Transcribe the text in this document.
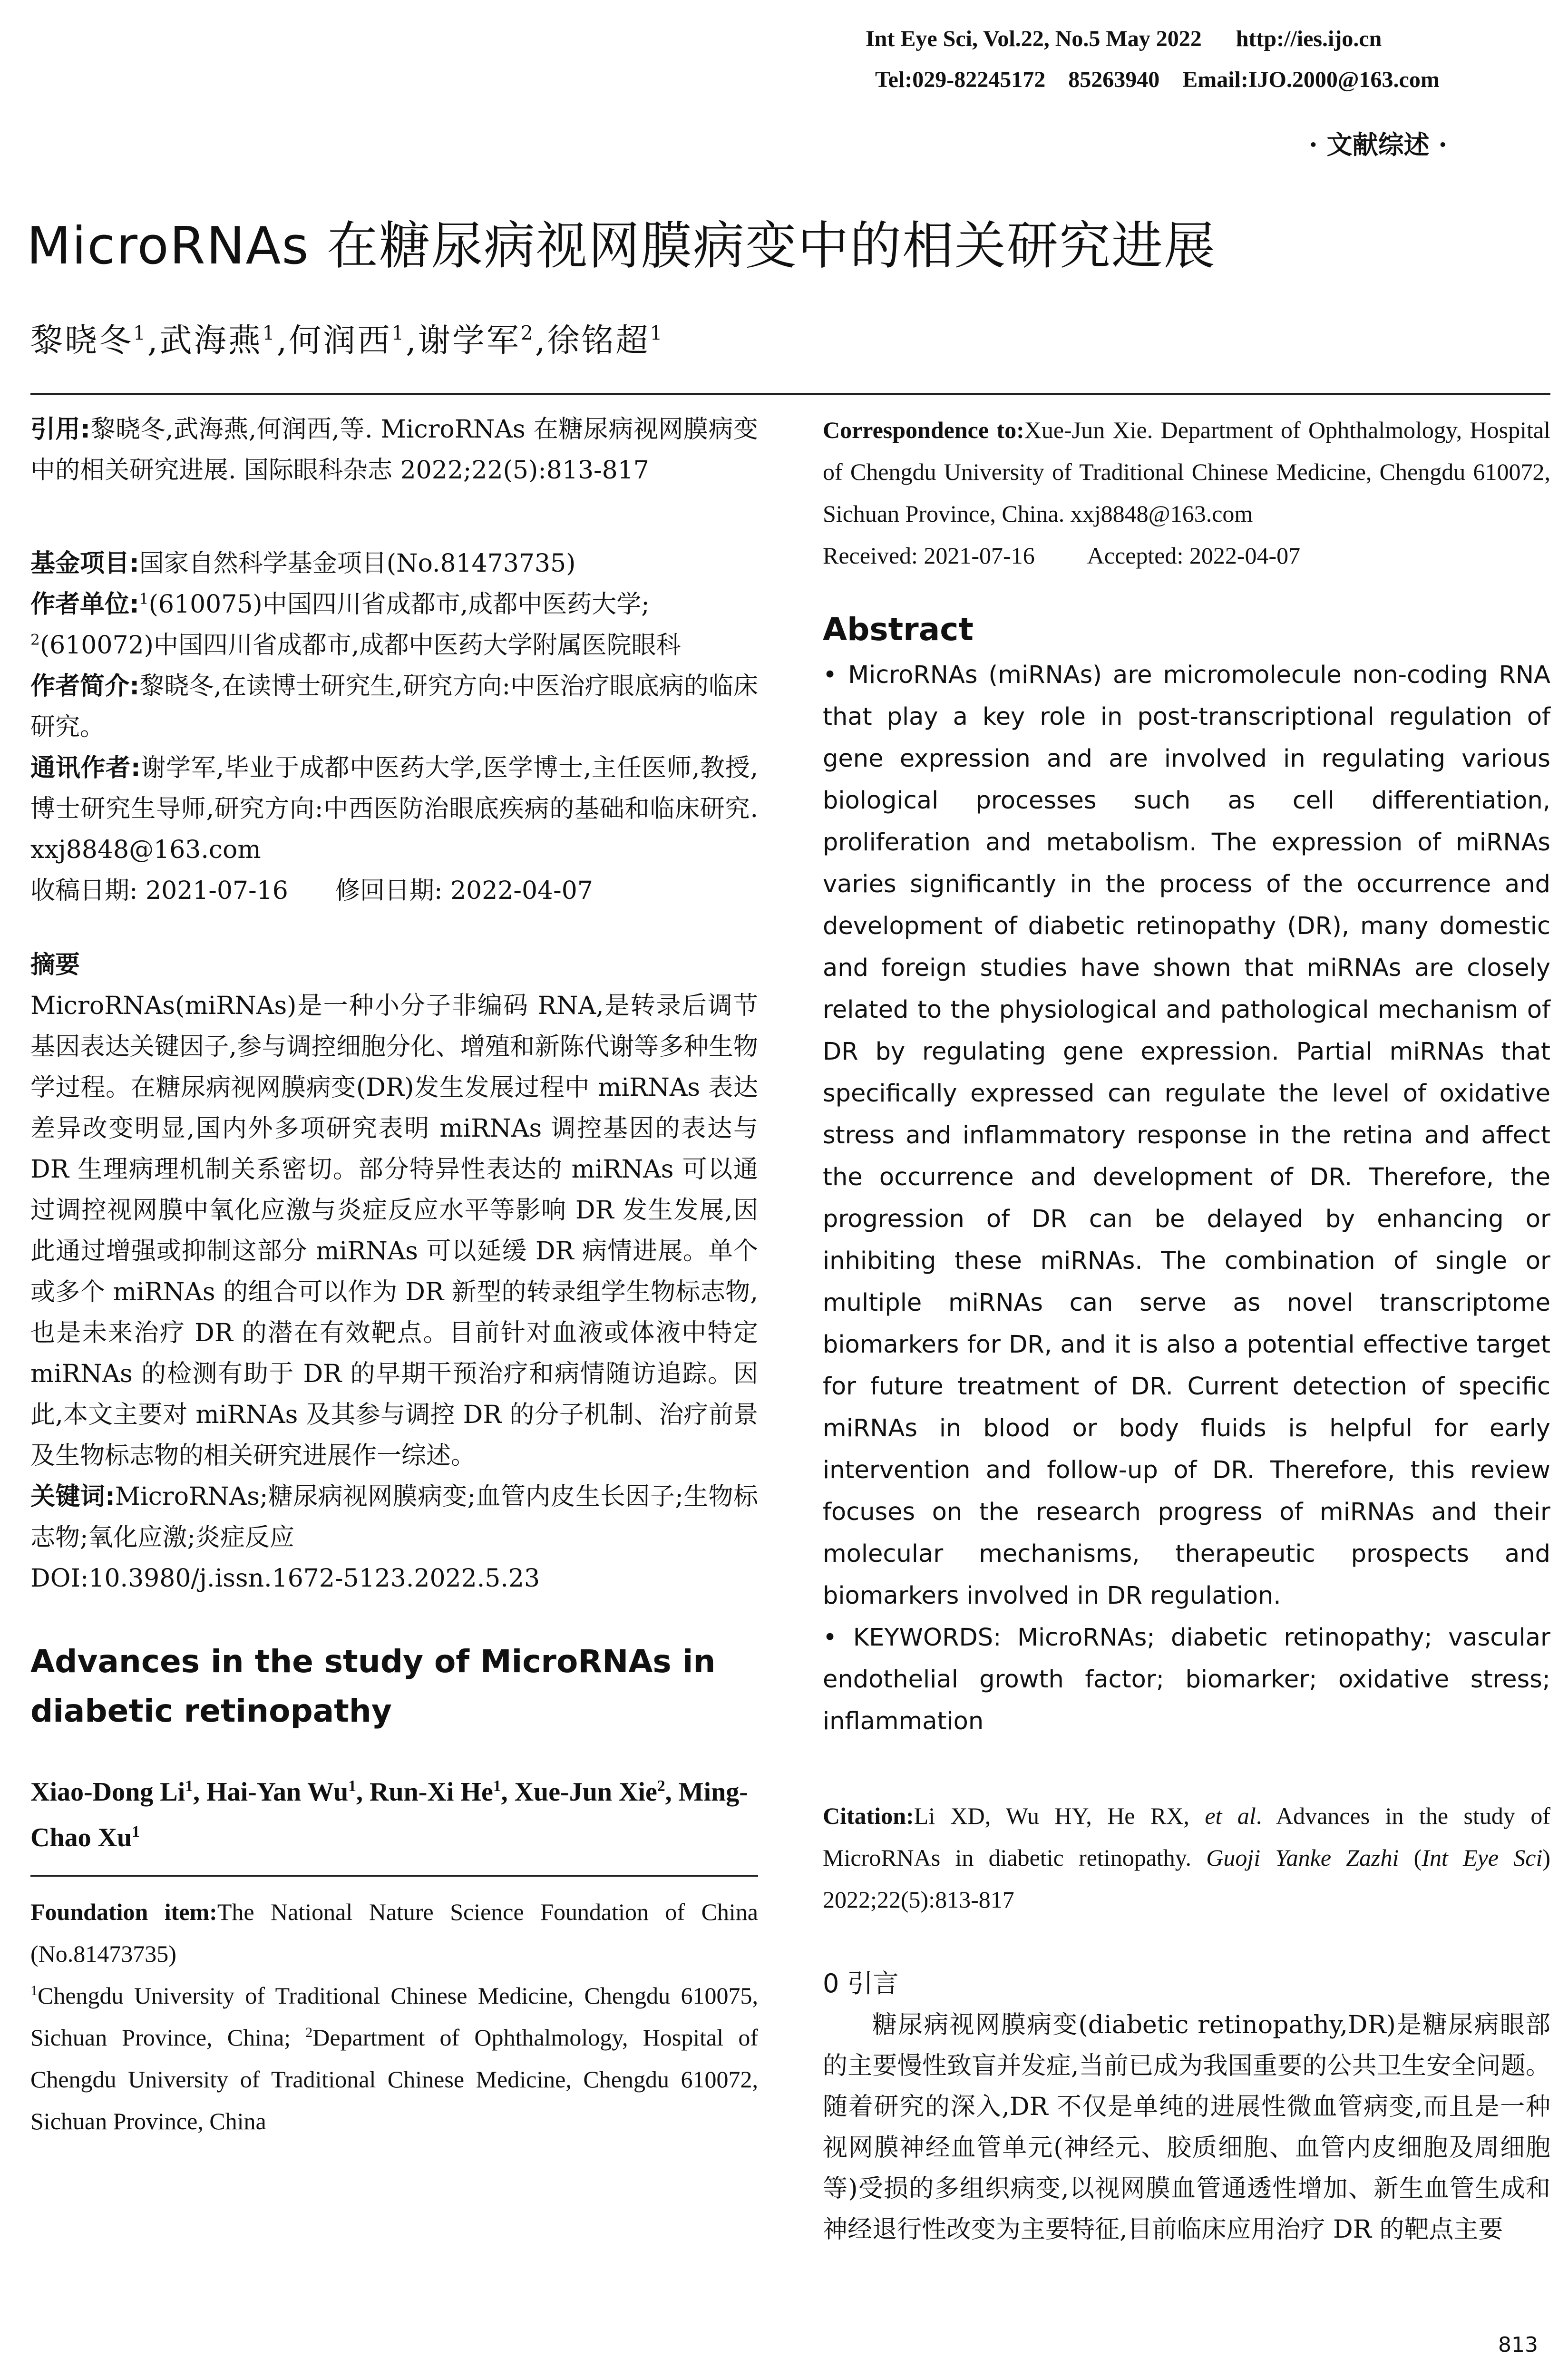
Int Eye Sci, Vol.22, No.5 May 2022      http://ies.ijo.cn
Tel:029-82245172    85263940    Email:IJO.2000@163.com
· 文献综述 ·
MicroRNAs 在糖尿病视网膜病变中的相关研究进展
黎晓冬$^1$,武海燕$^1$,何润西$^1$,谢学军$^2$,徐铭超$^1$

引用:黎晓冬,武海燕,何润西,等. MicroRNAs 在糖尿病视网膜病变中的相关研究进展. 国际眼科杂志 2022;22(5):813-817

基金项目:国家自然科学基金项目(No.81473735)

作者单位:$^1$(610075)中国四川省成都市,成都中医药大学;
$^2$(610072)中国四川省成都市,成都中医药大学附属医院眼科

作者简介:黎晓冬,在读博士研究生,研究方向:中医治疗眼底病的临床研究。

通讯作者:谢学军,毕业于成都中医药大学,医学博士,主任医师,教授,博士研究生导师,研究方向:中西医防治眼底疾病的基础和临床研究. xxj8848@163.com

收稿日期: 2021-07-16      修回日期: 2022-04-07

摘要

MicroRNAs(miRNAs)是一种小分子非编码 RNA,是转录后调节基因表达关键因子,参与调控细胞分化、增殖和新陈代谢等多种生物学过程。在糖尿病视网膜病变(DR)发生发展过程中 miRNAs 表达差异改变明显,国内外多项研究表明 miRNAs 调控基因的表达与 DR 生理病理机制关系密切。部分特异性表达的 miRNAs 可以通过调控视网膜中氧化应激与炎症反应水平等影响 DR 发生发展,因此通过增强或抑制这部分 miRNAs 可以延缓 DR 病情进展。单个或多个 miRNAs 的组合可以作为 DR 新型的转录组学生物标志物,也是未来治疗 DR 的潜在有效靶点。目前针对血液或体液中特定 miRNAs 的检测有助于 DR 的早期干预治疗和病情随访追踪。因此,本文主要对 miRNAs 及其参与调控 DR 的分子机制、治疗前景及生物标志物的相关研究进展作一综述。

关键词:MicroRNAs;糖尿病视网膜病变;血管内皮生长因子;生物标志物;氧化应激;炎症反应

DOI:10.3980/j.issn.1672-5123.2022.5.23

Advances in the study of MicroRNAs in diabetic retinopathy

Xiao-Dong Li$^1$, Hai-Yan Wu$^1$, Run-Xi He$^1$, Xue-Jun Xie$^2$, Ming-Chao Xu$^1$

Foundation item:The National Nature Science Foundation of China (No.81473735)

$^1$Chengdu University of Traditional Chinese Medicine, Chengdu 610075, Sichuan Province, China; $^2$Department of Ophthalmology, Hospital of Chengdu University of Traditional Chinese Medicine, Chengdu 610072, Sichuan Province, China

Correspondence to:Xue-Jun Xie. Department of Ophthalmology, Hospital of Chengdu University of Traditional Chinese Medicine, Chengdu 610072, Sichuan Province, China. xxj8848@163.com

Received: 2021-07-16 Accepted: 2022-04-07

Abstract

• MicroRNAs (miRNAs) are micromolecule non-coding RNA that play a key role in post-transcriptional regulation of gene expression and are involved in regulating various biological processes such as cell differentiation, proliferation and metabolism. The expression of miRNAs varies significantly in the process of the occurrence and development of diabetic retinopathy (DR), many domestic and foreign studies have shown that miRNAs are closely related to the physiological and pathological mechanism of DR by regulating gene expression. Partial miRNAs that specifically expressed can regulate the level of oxidative stress and inflammatory response in the retina and affect the occurrence and development of DR. Therefore, the progression of DR can be delayed by enhancing or inhibiting these miRNAs. The combination of single or multiple miRNAs can serve as novel transcriptome biomarkers for DR, and it is also a potential effective target for future treatment of DR. Current detection of specific miRNAs in blood or body fluids is helpful for early intervention and follow-up of DR. Therefore, this review focuses on the research progress of miRNAs and their molecular mechanisms, therapeutic prospects and biomarkers involved in DR regulation.

• KEYWORDS: MicroRNAs; diabetic retinopathy; vascular endothelial growth factor; biomarker; oxidative stress; inflammation

Citation:Li XD, Wu HY, He RX, et al. Advances in the study of MicroRNAs in diabetic retinopathy. Guoji Yanke Zazhi (Int Eye Sci) 2022;22(5):813-817

0 引言

糖尿病视网膜病变(diabetic retinopathy,DR)是糖尿病眼部的主要慢性致盲并发症,当前已成为我国重要的公共卫生安全问题。随着研究的深入,DR 不仅是单纯的进展性微血管病变,而且是一种视网膜神经血管单元(神经元、胶质细胞、血管内皮细胞及周细胞等)受损的多组织病变,以视网膜血管通透性增加、新生血管生成和神经退行性改变为主要特征,目前临床应用治疗 DR 的靶点主要

813
